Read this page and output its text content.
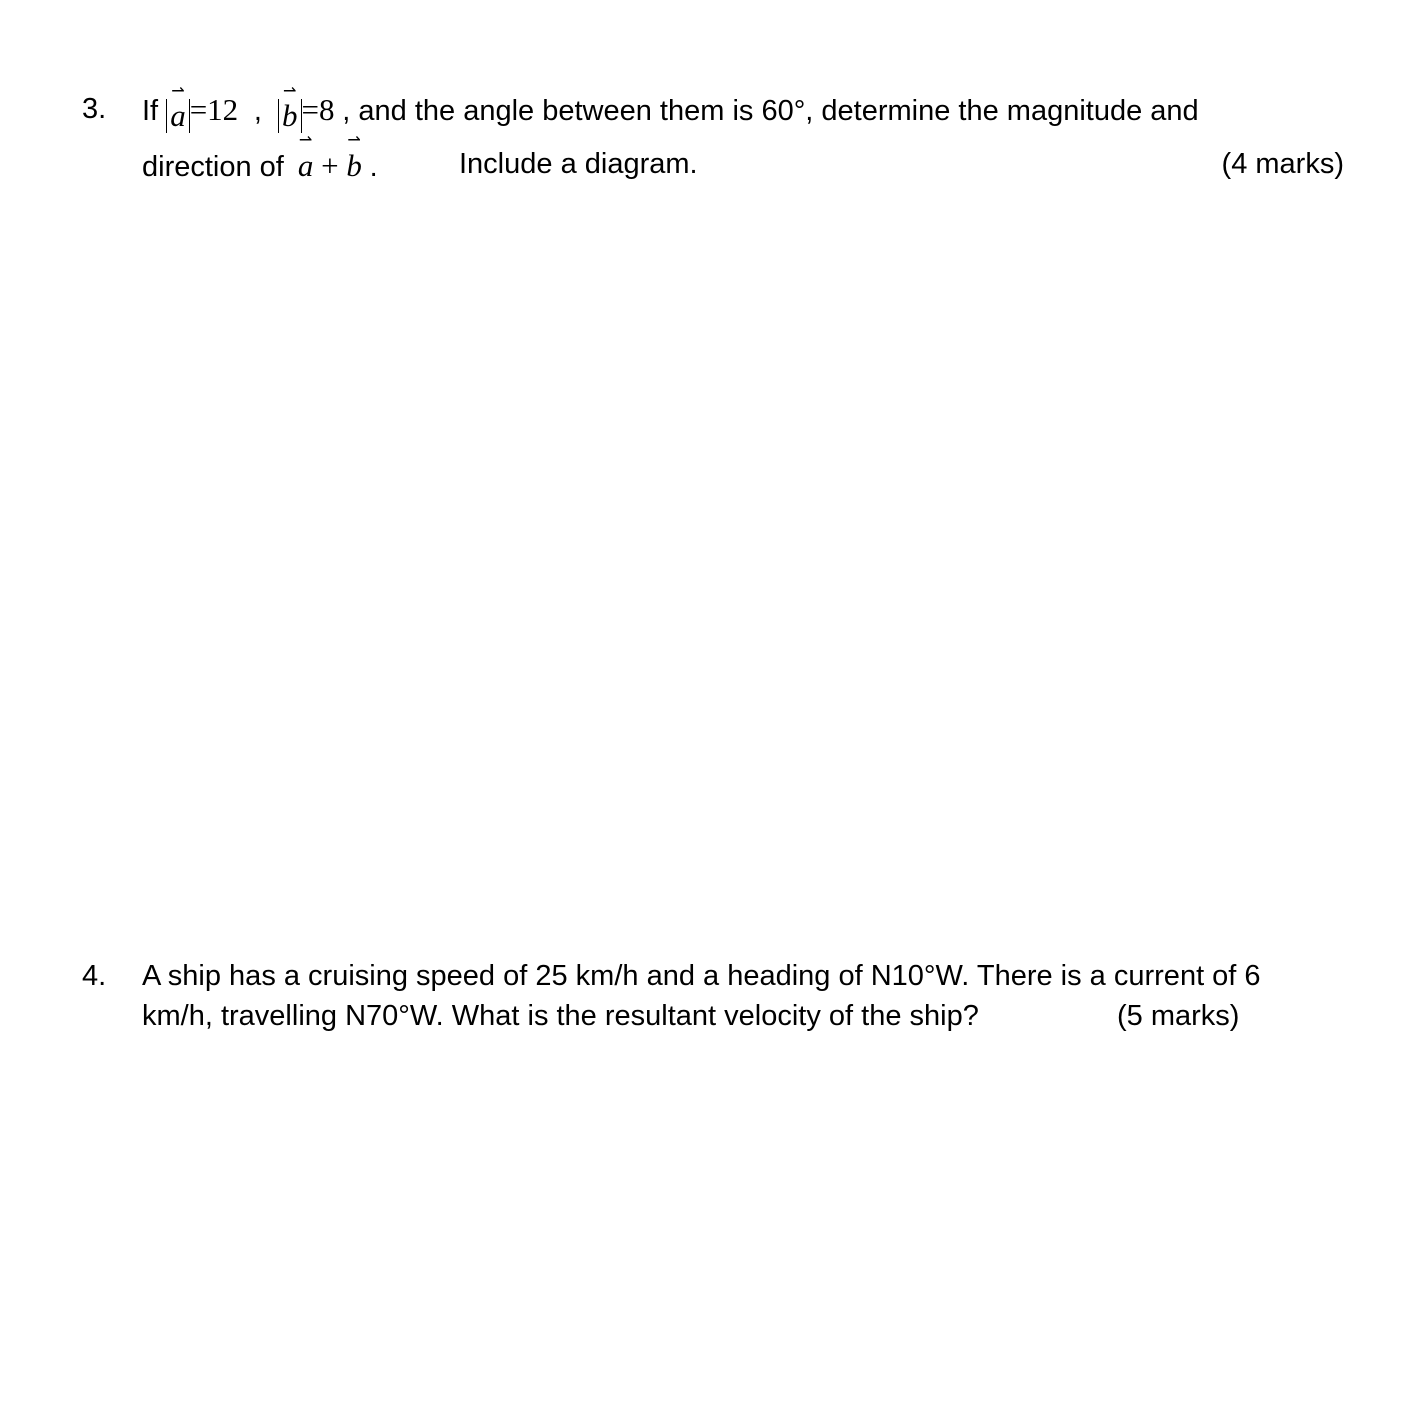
3. If
⇀
a =12 ,
⇀
b =8 , and the angle between them is 60°, determine the magnitude and
direction of
⇀
a +
⇀
b .	Include a diagram.	(4 marks)
4. A ship has a cruising speed of 25 km/h and a heading of N10°W. There is a current of 6
km/h, travelling N70°W. What is the resultant velocity of the ship?	(5 marks)
